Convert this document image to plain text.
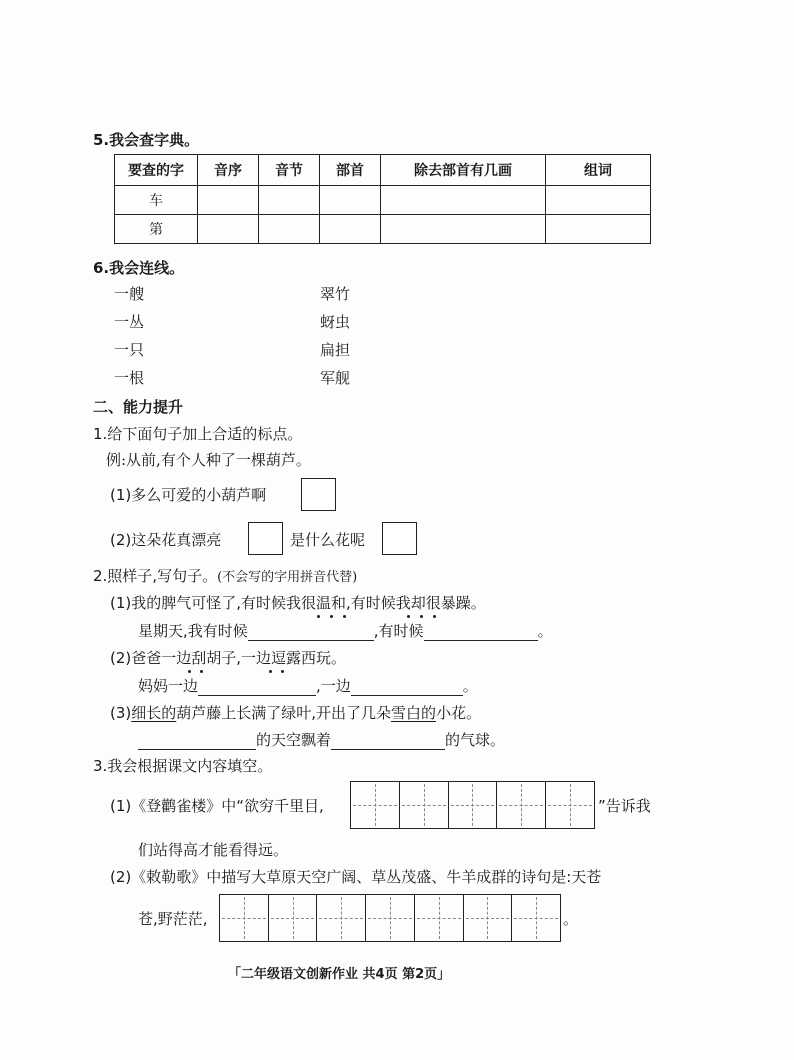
5.我会查字典。
要查的字	音序	音节	部首	除去部首有几画	组词
车					
第					
6.我会连线。
一艘
一丛
一只
一根
翠竹
蚜虫
扁担
军舰
二、能力提升
1.给下面句子加上合适的标点。
例:从前,有个人种了一棵葫芦。
(1)多么可爱的小葫芦啊
(2)这朵花真漂亮	是什么花呢
2.照样子,写句子。(不会写的字用拼音代替)
(1)我的脾气可怪了,有时候我很温和,有时候我却很暴躁。
星期天,我有时候	,有时候	。
(2)爸爸一边刮胡子,一边逗露西玩。
妈妈一边	,一边	。
(3)细长的葫芦藤上长满了绿叶,开出了几朵雪白的小花。
的天空飘着	的气球。
3.我会根据课文内容填空。
(1)《登鹳雀楼》中“欲穷千里目,	”告诉我
们站得高才能看得远。
(2)《敕勒歌》中描写大草原天空广阔、草丛茂盛、牛羊成群的诗句是:天苍
苍,野茫茫,	。
「二年级语文创新作业 共4页 第2页」
